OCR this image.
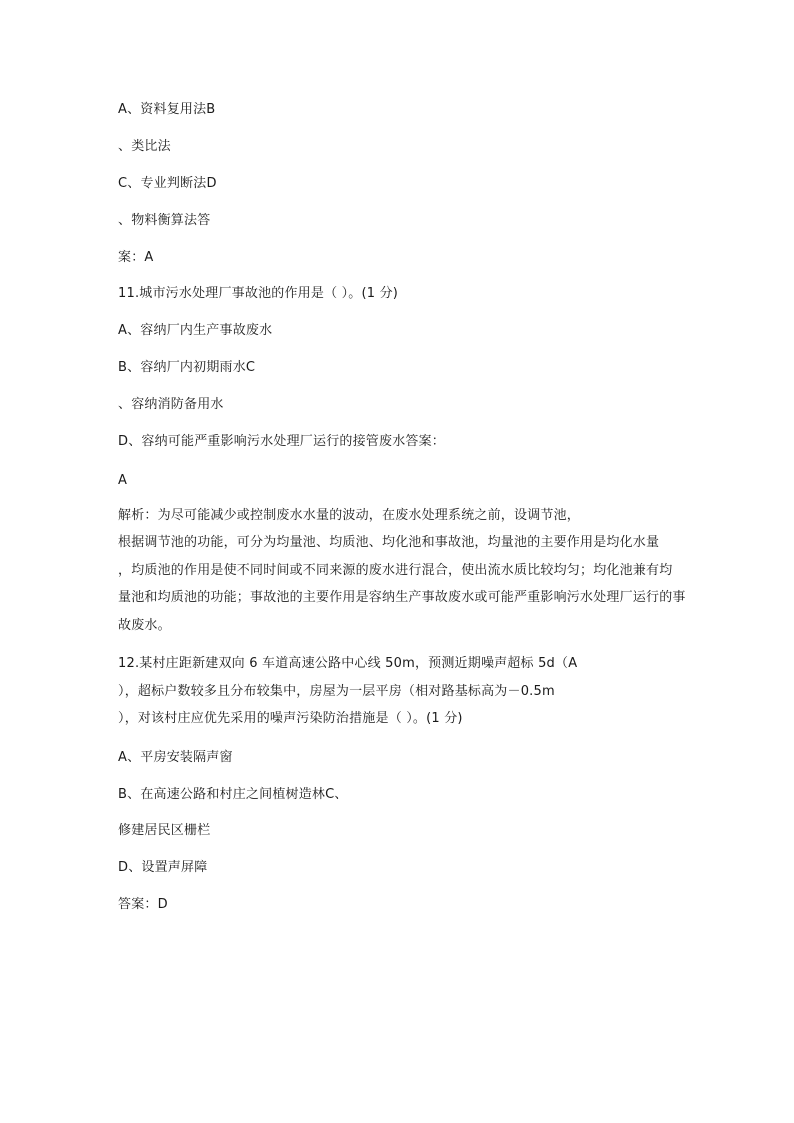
A、资料复用法B
、类比法
C、专业判断法D
、物料衡算法答
案：A
11.城市污水处理厂事故池的作用是（ ）。(1 分)
A、容纳厂内生产事故废水
B、容纳厂内初期雨水C
、容纳消防备用水
D、容纳可能严重影响污水处理厂运行的接管废水答案：
A
解析：为尽可能减少或控制废水水量的波动，在废水处理系统之前，设调节池，
根据调节池的功能，可分为均量池、均质池、均化池和事故池，均量池的主要作用是均化水量
，均质池的作用是使不同时间或不同来源的废水进行混合，使出流水质比较均匀；均化池兼有均
量池和均质池的功能；事故池的主要作用是容纳生产事故废水或可能严重影响污水处理厂运行的事
故废水。
12.某村庄距新建双向 6 车道高速公路中心线 50m，预测近期噪声超标 5d（A
），超标户数较多且分布较集中，房屋为一层平房（相对路基标高为－0.5m
），对该村庄应优先采用的噪声污染防治措施是（ ）。(1 分)
A、平房安装隔声窗
B、在高速公路和村庄之间植树造林C、
修建居民区栅栏
D、设置声屏障
答案：D
